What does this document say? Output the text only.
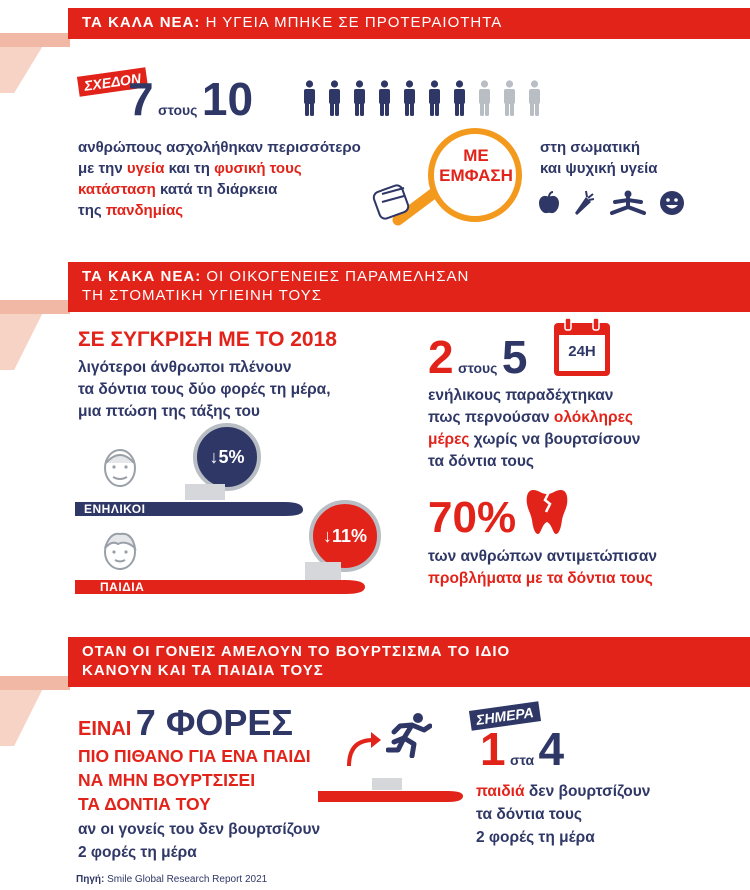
ΤΑ ΚΑΛΑ ΝΕΑ: Η ΥΓΕΙΑ ΜΠΗΚΕ ΣΕ ΠΡΟΤΕΡΑΙΟΤΗΤΑ
ΣΧΕΔΟΝ
7 στους 10
ανθρώπους ασχολήθηκαν περισσότερο
με την υγεία και τη φυσική τους
κατάσταση κατά τη διάρκεια
της πανδημίας
ΜΕ
ΕΜΦΑΣΗ
στη σωματική
και ψυχική υγεία

ΤΑ ΚΑΚΑ ΝΕΑ: ΟΙ ΟΙΚΟΓΕΝΕΙΕΣ ΠΑΡΑΜΕΛΗΣΑΝ
ΤΗ ΣΤΟΜΑΤΙΚΗ ΥΓΙΕΙΝΗ ΤΟΥΣ
ΣΕ ΣΥΓΚΡΙΣΗ ΜΕ ΤΟ 2018
λιγότεροι άνθρωποι πλένουν
τα δόντια τους δύο φορές τη μέρα,
μια πτώση της τάξης του
↓5%
ΕΝΗΛΙΚΟΙ
↓11%
ΠΑΙΔΙΑ
2 στους 5	24H
ενήλικους παραδέχτηκαν
πως περνούσαν ολόκληρες
μέρες χωρίς να βουρτσίσουν
τα δόντια τους
70%
των ανθρώπων αντιμετώπισαν
προβλήματα με τα δόντια τους
ΟΤΑΝ ΟΙ ΓΟΝΕΙΣ ΑΜΕΛΟΥΝ ΤΟ ΒΟΥΡΤΣΙΣΜΑ ΤΟ ΙΔΙΟ
ΚΑΝΟΥΝ ΚΑΙ ΤΑ ΠΑΙΔΙΑ ΤΟΥΣ
ΕΙΝΑΙ 7 ΦΟΡΕΣ
ΠΙΟ ΠΙΘΑΝΟ ΓΙΑ ΕΝΑ ΠΑΙΔΙ
ΝΑ ΜΗΝ ΒΟΥΡΤΣΙΣΕΙ
ΤΑ ΔΟΝΤΙΑ ΤΟΥ
αν οι γονείς του δεν βουρτσίζουν
2 φορές τη μέρα
ΣΗΜΕΡΑ
1 στα 4
παιδιά δεν βουρτσίζουν
τα δόντια τους
2 φορές τη μέρα
Πηγή: Smile Global Research Report 2021
